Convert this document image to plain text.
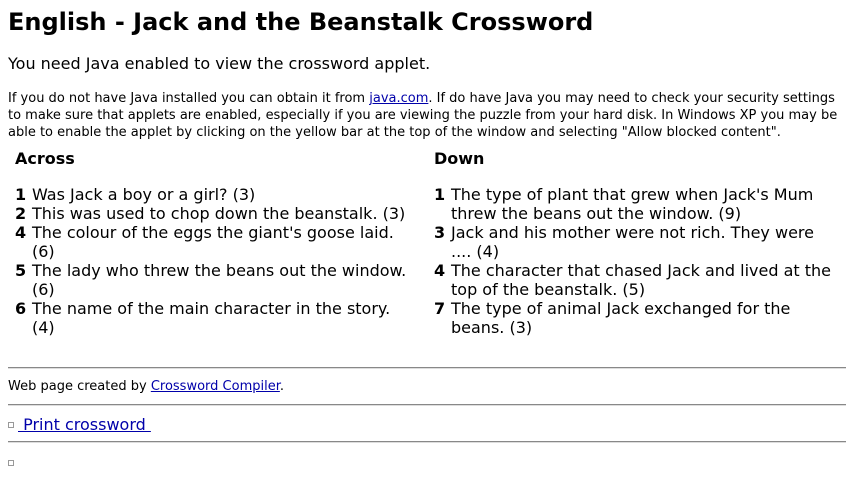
English - Jack and the Beanstalk Crossword

You need Java enabled to view the crossword applet.

If you do not have Java installed you can obtain it from java.com. If do have Java you may need to check your security settings to make sure that applets are enabled, especially if you are viewing the puzzle from your hard disk. In Windows XP you may be able to enable the applet by clicking on the yellow bar at the top of the window and selecting "Allow blocked content".

Across
1 Was Jack a boy or a girl? (3)
2 This was used to chop down the beanstalk. (3)
4 The colour of the eggs the giant's goose laid. (6)
5 The lady who threw the beans out the window. (6)
6 The name of the main character in the story. (4)
Down
1 The type of plant that grew when Jack's Mum threw the beans out the window. (9)
3 Jack and his mother were not rich. They were .... (4)
4 The character that chased Jack and lived at the top of the beanstalk. (5)
7 The type of animal Jack exchanged for the beans. (3)

Web page created by Crossword Compiler.

Print crossword
